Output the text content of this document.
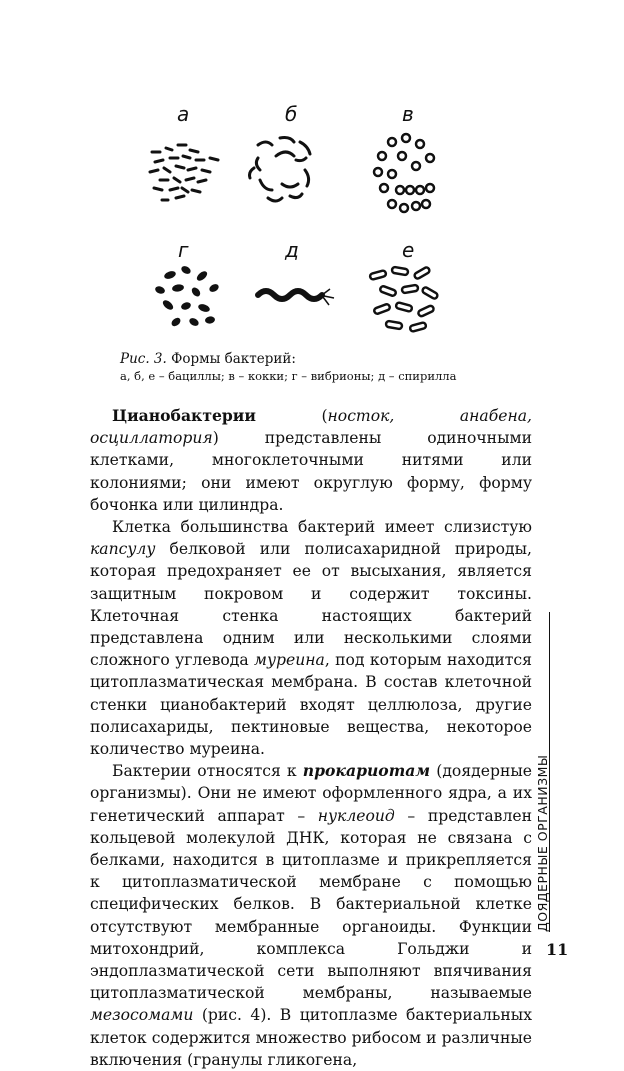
а	б	в
г	д	е
Рис. 3. Формы бактерий:
а, б, е – бациллы; в – кокки; г – вибрионы; д – спирилла

Цианобактерии (носток, анабена, осциллатория) представлены одиночными клетками, многоклеточными нитями или колониями; они имеют округлую форму, форму бочонка или цилиндра.

Клетка большинства бактерий имеет слизистую капсулу белковой или полисахаридной природы, которая предохраняет ее от высыхания, является защитным покровом и содержит токсины. Клеточная стенка настоящих бактерий представлена одним или несколькими слоями сложного углевода муреина, под которым находится цитоплазматическая мембрана. В состав клеточной стенки цианобактерий входят целлюлоза, другие полисахариды, пектиновые вещества, некоторое количество муреина.

Бактерии относятся к прокариотам (доядерные организмы). Они не имеют оформленного ядра, а их генетический аппарат – нуклеоид – представлен кольцевой молекулой ДНК, которая не связана с белками, находится в цитоплазме и прикрепляется к цитоплазматической мембране с помощью специфических белков. В бактериальной клетке отсутствуют мембранные органоиды. Функции митохондрий, комплекса Гольджи и эндоплазматической сети выполняют впячивания цитоплазматической мембраны, называемые мезосомами (рис. 4). В цитоплазме бактериальных клеток содержится множество рибосом и различные включения (гранулы гликогена,

ДОЯДЕРНЫЕ ОРГАНИЗМЫ
11
